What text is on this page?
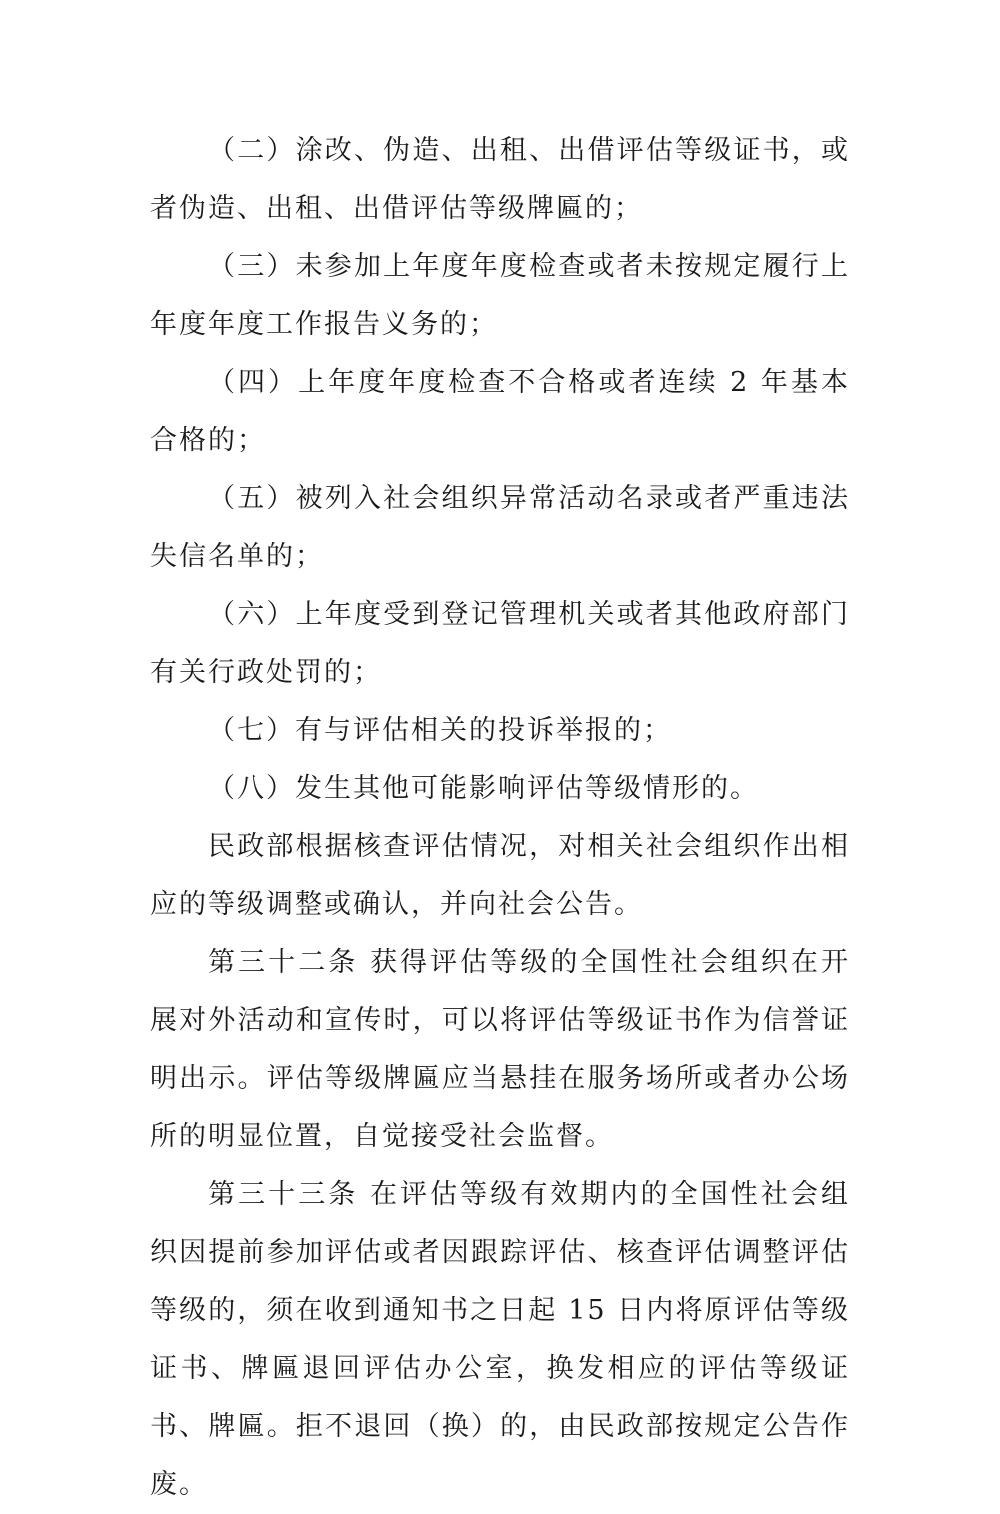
（二）涂改、伪造、出租、出借评估等级证书，或者伪造、出租、出借评估等级牌匾的；

（三）未参加上年度年度检查或者未按规定履行上年度年度工作报告义务的；

（四）上年度年度检查不合格或者连续 2 年基本合格的；

（五）被列入社会组织异常活动名录或者严重违法失信名单的；

（六）上年度受到登记管理机关或者其他政府部门有关行政处罚的；

（七）有与评估相关的投诉举报的；

（八）发生其他可能影响评估等级情形的。

民政部根据核查评估情况，对相关社会组织作出相应的等级调整或确认，并向社会公告。

第三十二条 获得评估等级的全国性社会组织在开展对外活动和宣传时，可以将评估等级证书作为信誉证明出示。评估等级牌匾应当悬挂在服务场所或者办公场所的明显位置，自觉接受社会监督。

第三十三条 在评估等级有效期内的全国性社会组织因提前参加评估或者因跟踪评估、核查评估调整评估等级的，须在收到通知书之日起 15 日内将原评估等级证书、牌匾退回评估办公室，换发相应的评估等级证书、牌匾。拒不退回（换）的，由民政部按规定公告作废。
